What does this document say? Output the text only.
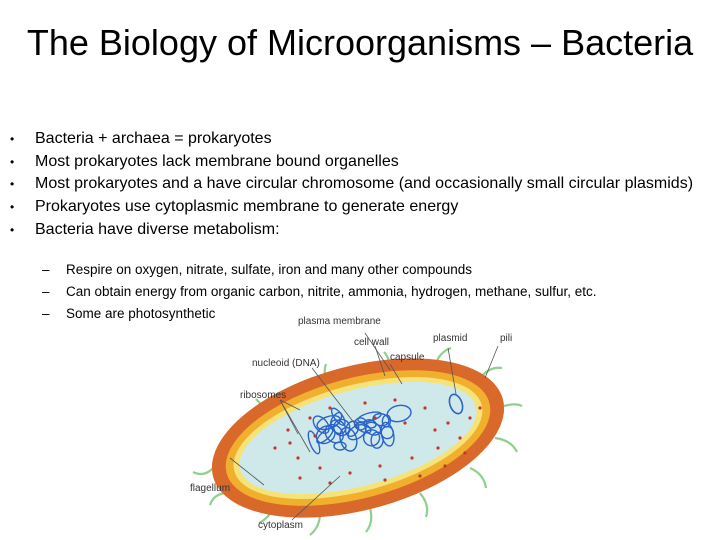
The Biology of Microorganisms – Bacteria
• Bacteria + archaea = prokaryotes
• Most prokaryotes lack membrane bound organelles
• Most prokaryotes and a have circular chromosome (and occasionally small circular plasmids)
• Prokaryotes use cytoplasmic membrane to generate energy
• Bacteria have diverse metabolism:
– Respire on oxygen, nitrate, sulfate, iron and many other compounds
– Can obtain energy from organic carbon, nitrite, ammonia, hydrogen, methane, sulfur, etc.
– Some are photosynthetic
plasma membrane
plasmid	pili
cell wall
nucleoid (DNA)
capsule
ribosomes
flagellum
cytoplasm
